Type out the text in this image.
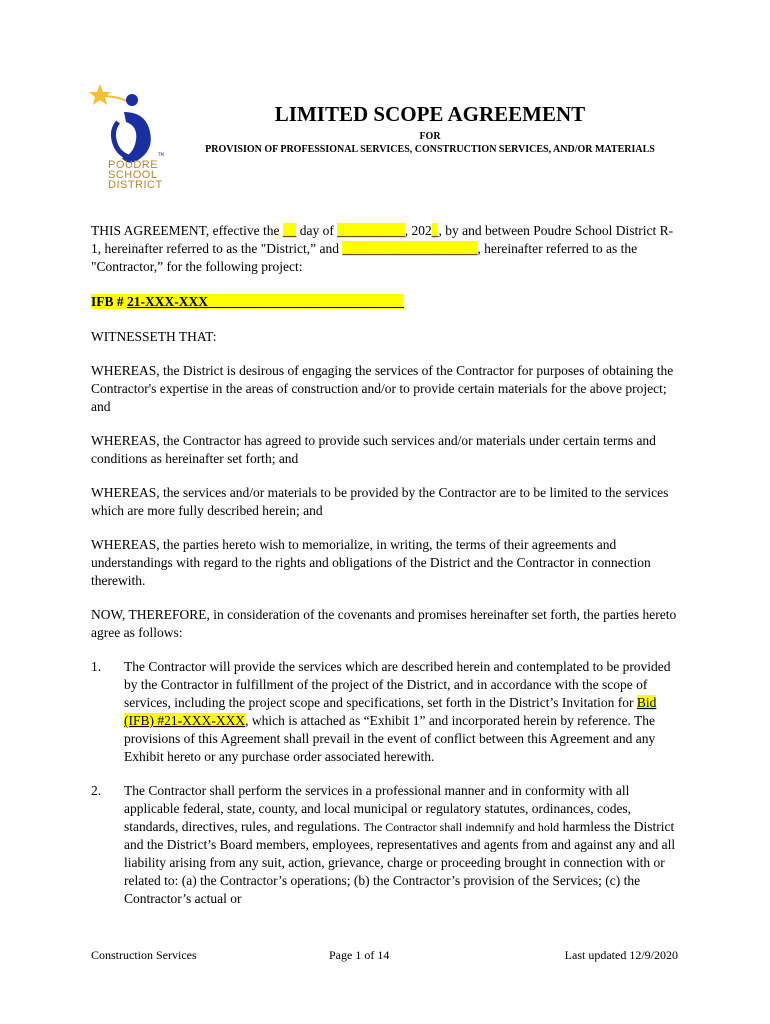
TM
POUDRE
SCHOOL
DISTRICT
LIMITED SCOPE AGREEMENT
FOR
PROVISION OF PROFESSIONAL SERVICES, CONSTRUCTION SERVICES, AND/OR MATERIALS

THIS AGREEMENT, effective the __ day of __________, 202_, by and between Poudre School District R-1, hereinafter referred to as the "District,” and ____________________, hereinafter referred to as the "Contractor,” for the following project:

IFB # 21-XXX-XXX_____________________________

WITNESSETH THAT:

WHEREAS, the District is desirous of engaging the services of the Contractor for purposes of obtaining the Contractor's expertise in the areas of construction and/or to provide certain materials for the above project; and

WHEREAS, the Contractor has agreed to provide such services and/or materials under certain terms and conditions as hereinafter set forth; and

WHEREAS, the services and/or materials to be provided by the Contractor are to be limited to the services which are more fully described herein; and

WHEREAS, the parties hereto wish to memorialize, in writing, the terms of their agreements and understandings with regard to the rights and obligations of the District and the Contractor in connection therewith.

NOW, THEREFORE, in consideration of the covenants and promises hereinafter set forth, the parties hereto agree as follows:

1.	The Contractor will provide the services which are described herein and contemplated to be provided by the Contractor in fulfillment of the project of the District, and in accordance with the scope of services, including the project scope and specifications, set forth in the District’s Invitation for Bid (IFB) #21-XXX-XXX, which is attached as “Exhibit 1” and incorporated herein by reference. The provisions of this Agreement shall prevail in the event of conflict between this Agreement and any Exhibit hereto or any purchase order associated herewith.
2.	The Contractor shall perform the services in a professional manner and in conformity with all applicable federal, state, county, and local municipal or regulatory statutes, ordinances, codes, standards, directives, rules, and regulations. The Contractor shall indemnify and hold harmless the District and the District’s Board members, employees, representatives and agents from and against any and all liability arising from any suit, action, grievance, charge or proceeding brought in connection with or related to: (a) the Contractor’s operations; (b) the Contractor’s provision of the Services; (c) the Contractor’s actual or
Construction Services	Page 1 of 14	Last updated 12/9/2020
